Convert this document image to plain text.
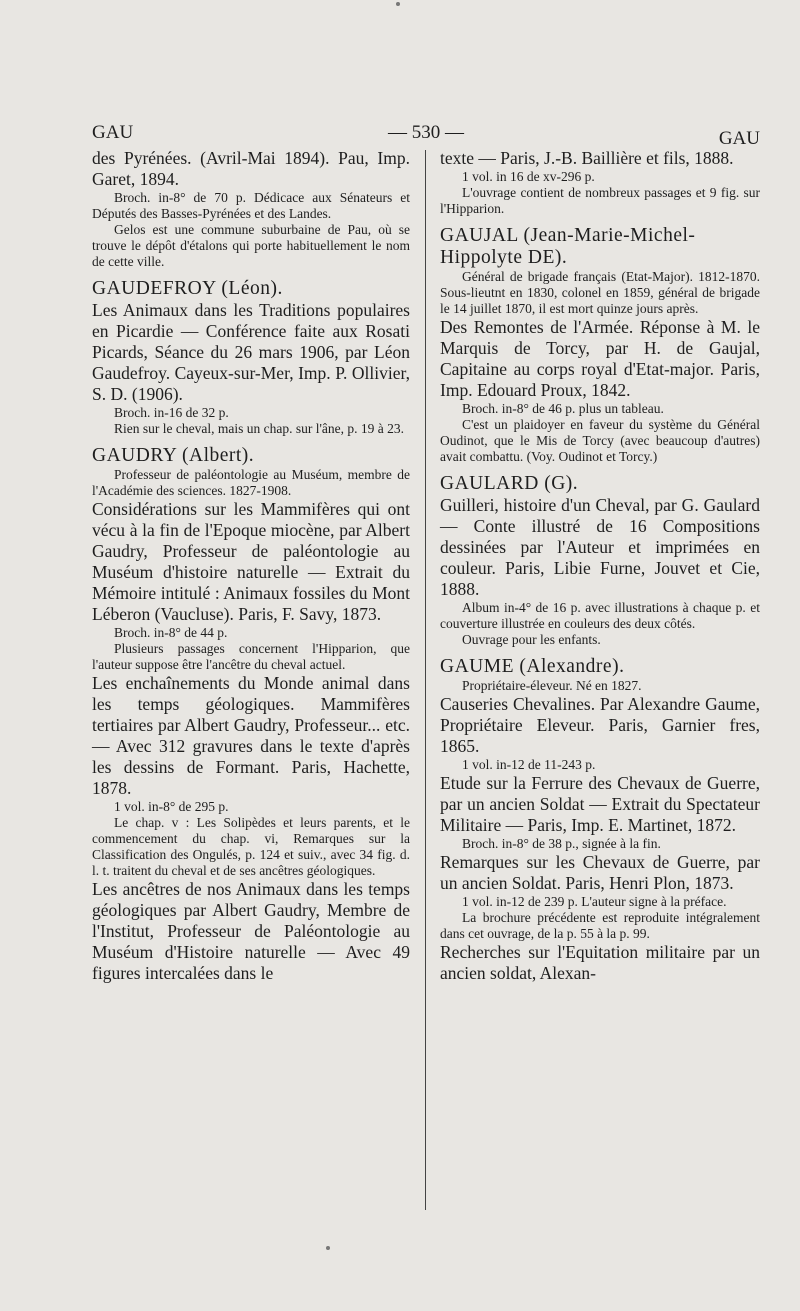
GAU	— 530 —	GAU
des Pyrénées. (Avril-Mai 1894). Pau, Imp. Garet, 1894.
Broch. in-8° de 70 p. Dédicace aux Sénateurs et Députés des Basses-Pyrénées et des Landes.
Gelos est une commune suburbaine de Pau, où se trouve le dépôt d'étalons qui porte habituellement le nom de cette ville.
GAUDEFROY (Léon).
Les Animaux dans les Traditions populaires en Picardie — Conférence faite aux Rosati Picards, Séance du 26 mars 1906, par Léon Gaudefroy. Cayeux-sur-Mer, Imp. P. Ollivier, S. D. (1906).
Broch. in-16 de 32 p.
Rien sur le cheval, mais un chap. sur l'âne, p. 19 à 23.
GAUDRY (Albert).
Professeur de paléontologie au Muséum, membre de l'Académie des sciences. 1827-1908.
Considérations sur les Mammifères qui ont vécu à la fin de l'Epoque miocène, par Albert Gaudry, Professeur de paléontologie au Muséum d'histoire naturelle — Extrait du Mémoire intitulé : Animaux fossiles du Mont Léberon (Vaucluse). Paris, F. Savy, 1873.
Broch. in-8° de 44 p.
Plusieurs passages concernent l'Hipparion, que l'auteur suppose être l'ancêtre du cheval actuel.
Les enchaînements du Monde animal dans les temps géologiques. Mammifères tertiaires par Albert Gaudry, Professeur... etc. — Avec 312 gravures dans le texte d'après les dessins de Formant. Paris, Hachette, 1878.
1 vol. in-8° de 295 p.
Le chap. v : Les Solipèdes et leurs parents, et le commencement du chap. vi, Remarques sur la Classification des Ongulés, p. 124 et suiv., avec 34 fig. d. l. t. traitent du cheval et de ses ancêtres géologiques.
Les ancêtres de nos Animaux dans les temps géologiques par Albert Gaudry, Membre de l'Institut, Professeur de Paléontologie au Muséum d'Histoire naturelle — Avec 49 figures intercalées dans le
texte — Paris, J.-B. Baillière et fils, 1888.
1 vol. in 16 de xv-296 p.
L'ouvrage contient de nombreux passages et 9 fig. sur l'Hipparion.
GAUJAL (Jean-Marie-Michel-Hippolyte DE).
Général de brigade français (Etat-Major). 1812-1870. Sous-lieutnt en 1830, colonel en 1859, général de brigade le 14 juillet 1870, il est mort quinze jours après.
Des Remontes de l'Armée. Réponse à M. le Marquis de Torcy, par H. de Gaujal, Capitaine au corps royal d'Etat-major. Paris, Imp. Edouard Proux, 1842.
Broch. in-8° de 46 p. plus un tableau.
C'est un plaidoyer en faveur du système du Général Oudinot, que le Mis de Torcy (avec beaucoup d'autres) avait combattu. (Voy. Oudinot et Torcy.)
GAULARD (G).
Guilleri, histoire d'un Cheval, par G. Gaulard — Conte illustré de 16 Compositions dessinées par l'Auteur et imprimées en couleur. Paris, Libie Furne, Jouvet et Cie, 1888.
Album in-4° de 16 p. avec illustrations à chaque p. et couverture illustrée en couleurs des deux côtés.
Ouvrage pour les enfants.
GAUME (Alexandre).
Propriétaire-éleveur. Né en 1827.
Causeries Chevalines. Par Alexandre Gaume, Propriétaire Eleveur. Paris, Garnier fres, 1865.
1 vol. in-12 de 11-243 p.
Etude sur la Ferrure des Chevaux de Guerre, par un ancien Soldat — Extrait du Spectateur Militaire — Paris, Imp. E. Martinet, 1872.
Broch. in-8° de 38 p., signée à la fin.
Remarques sur les Chevaux de Guerre, par un ancien Soldat. Paris, Henri Plon, 1873.
1 vol. in-12 de 239 p. L'auteur signe à la préface.
La brochure précédente est reproduite intégralement dans cet ouvrage, de la p. 55 à la p. 99.
Recherches sur l'Equitation militaire par un ancien soldat, Alexan-
